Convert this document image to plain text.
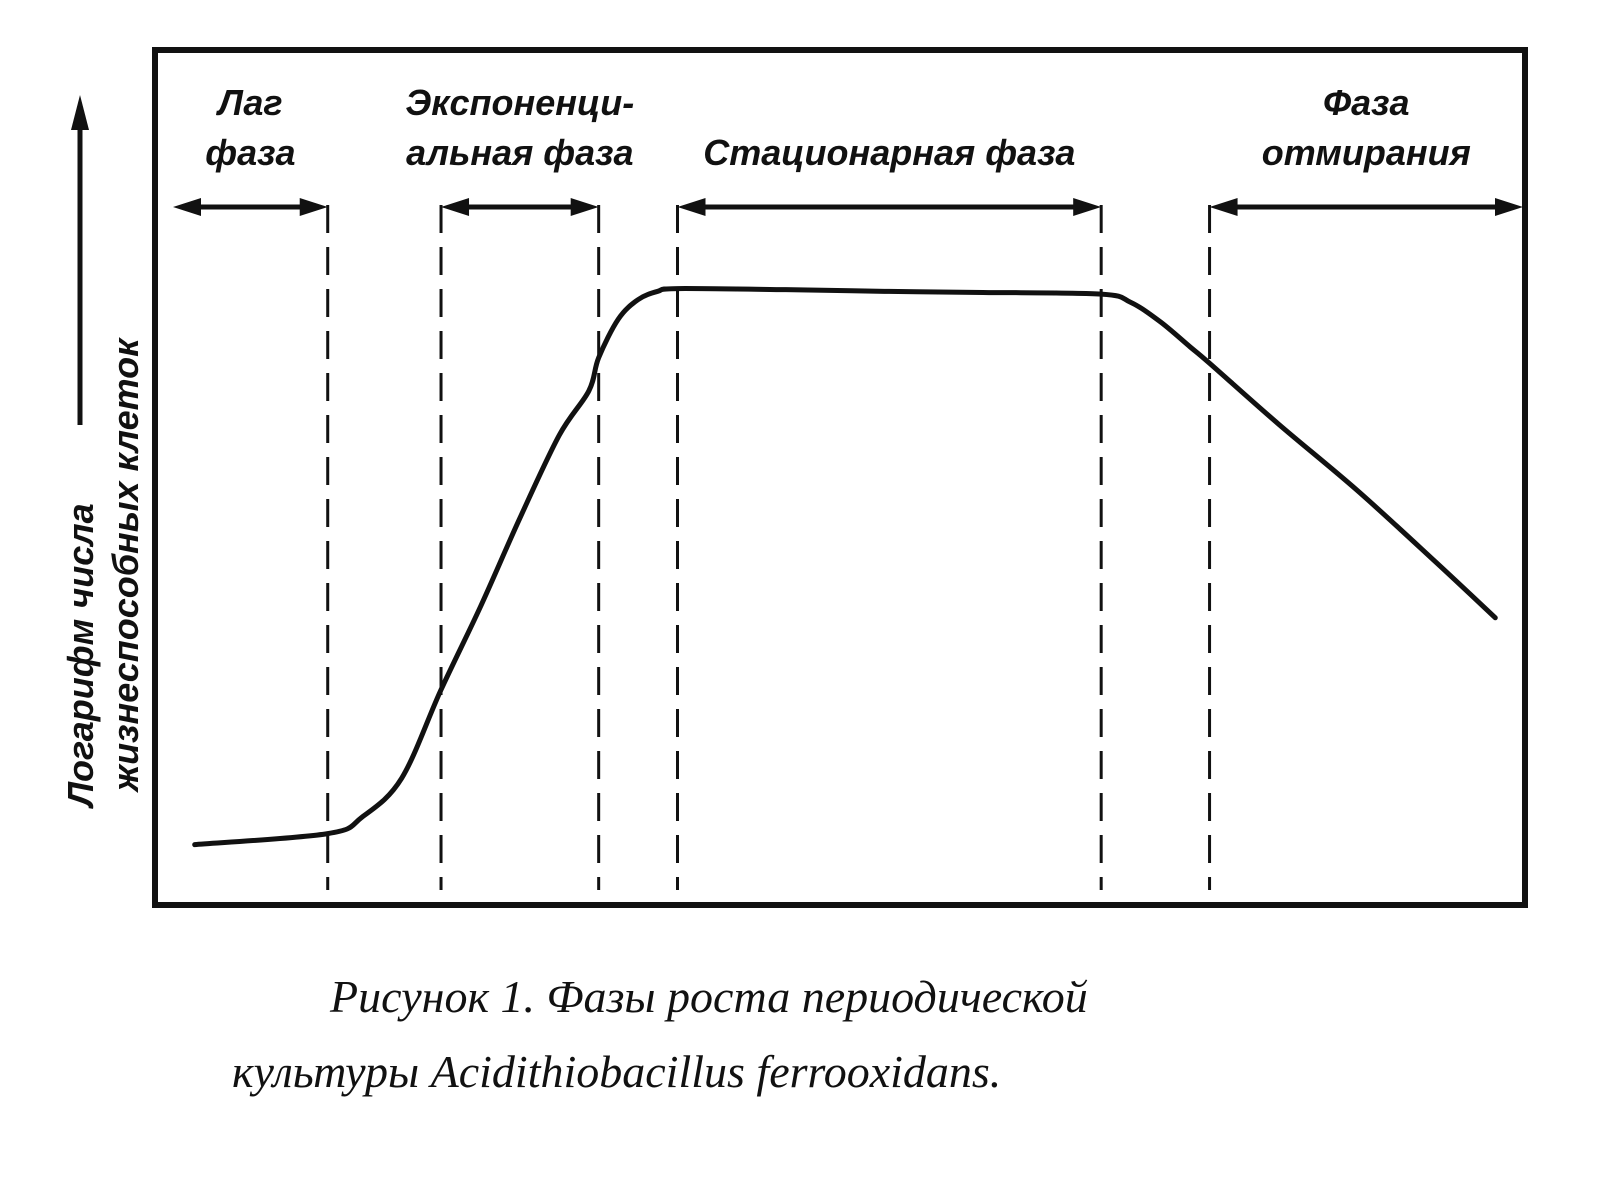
Лаг
фаза
Экспоненци-
альная фаза Стационарная фаза
Фаза
отмирания
Логарифм числа жизнеспособных клеток
Рисунок 1. Фазы роста периодической
культуры Acidithiobacillus ferrooxidans.
